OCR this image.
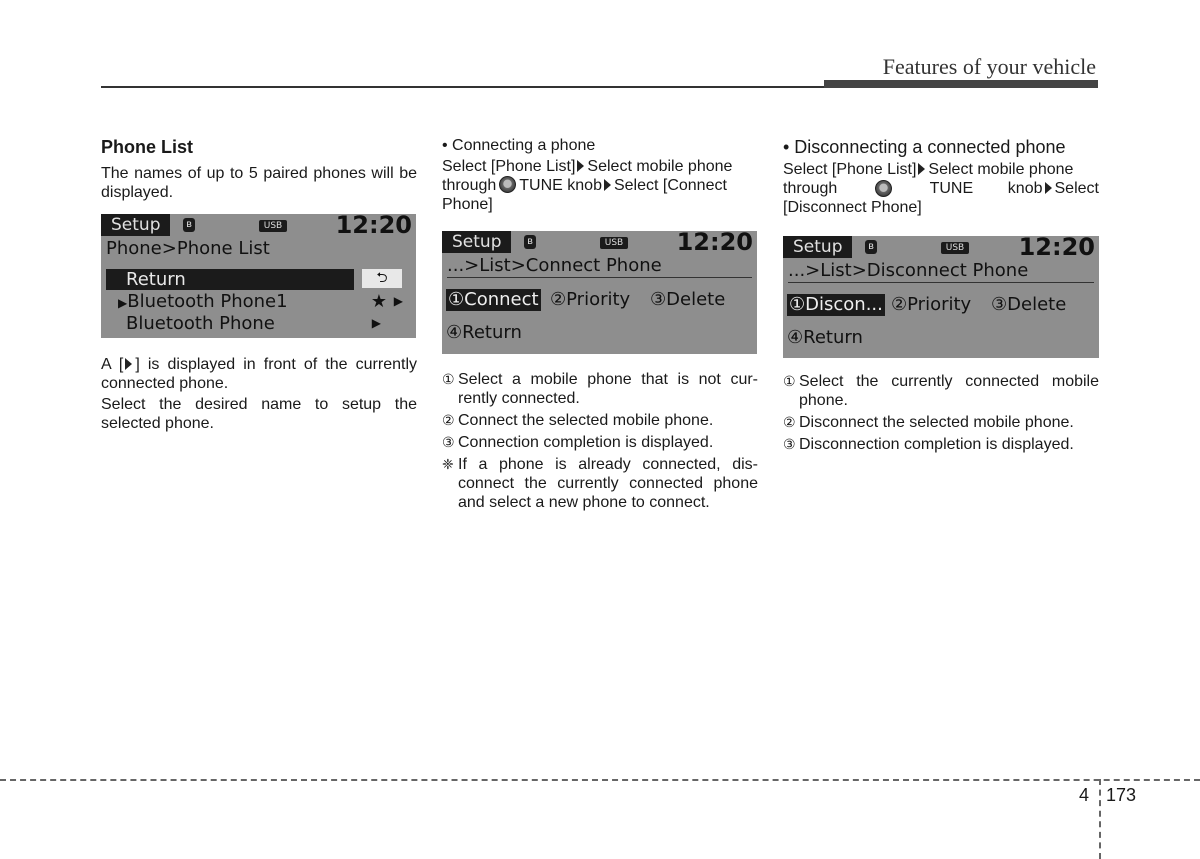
Features of your vehicle
Phone List

The names of up to 5 paired phones will be displayed.

Setup	ʙ	USB 12:20
Phone>Phone List
Return	⮌
▶Bluetooth Phone1	★ ▶
Bluetooth Phone	▶

A [ ] is displayed in front of the currently connected phone.

Select the desired name to setup the selected phone.

• Connecting a phone

Select [Phone List] Select mobile phone
through TUNE knob Select [Connect
Phone]

Setup	ʙ	USB 12:20
...>List>Connect Phone
①Connect ②Priority ③Delete
④Return
① Select a mobile phone that is not cur-rently connected.
② Connect the selected mobile phone.
③ Connection completion is displayed.
❈ If a phone is already connected, dis-connect the currently connected phone and select a new phone to connect.
• Disconnecting a connected phone

Select [Phone List] Select mobile phone

through	TUNE knob Select
[Disconnect Phone]

Setup	ʙ	USB 12:20
...>List>Disconnect Phone
①Discon... ②Priority ③Delete
④Return
① Select the currently connected mobile phone.
② Disconnect the selected mobile phone.
③ Disconnection completion is displayed.
4 173
